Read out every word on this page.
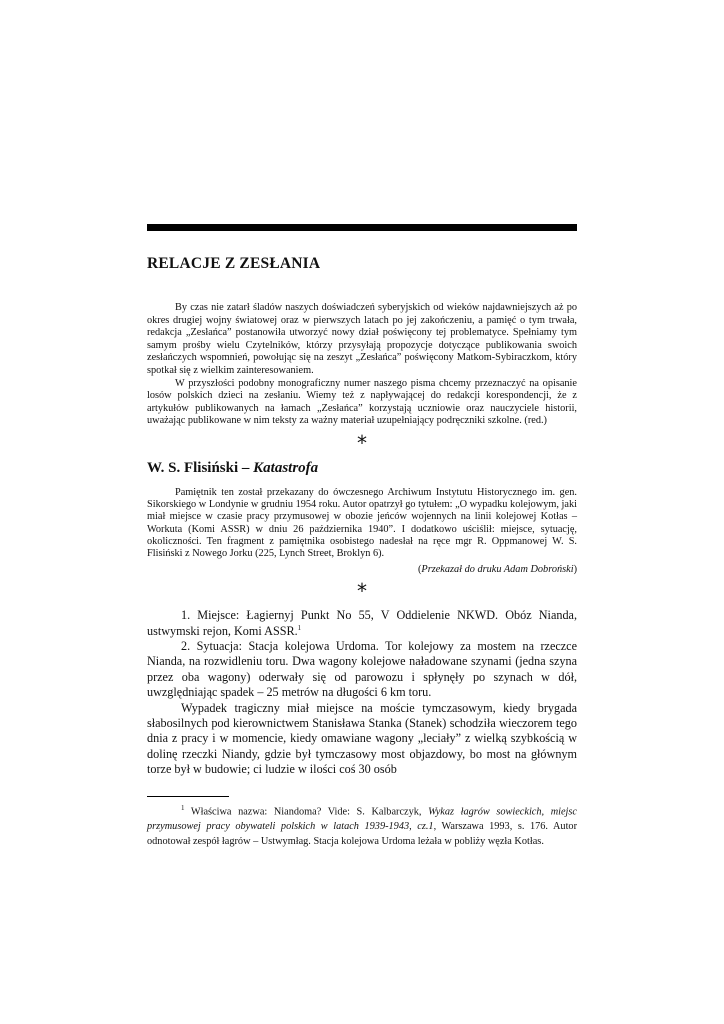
RELACJE Z ZESŁANIA

By czas nie zatarł śladów naszych doświadczeń syberyjskich od wieków najdawniejszych aż po okres drugiej wojny światowej oraz w pierwszych latach po jej zakończeniu, a pamięć o tym trwała, redakcja „Zesłańca” postanowiła utworzyć nowy dział poświęcony tej problematyce. Spełniamy tym samym prośby wielu Czytelników, którzy przysyłają propozycje dotyczące publikowania swoich zesłańczych wspomnień, powołując się na zeszyt „Zesłańca” poświęcony Matkom-Sybiraczkom, który spotkał się z wielkim zainteresowaniem.

W przyszłości podobny monograficzny numer naszego pisma chcemy przeznaczyć na opisanie losów polskich dzieci na zesłaniu. Wiemy też z napływającej do redakcji korespondencji, że z artykułów publikowanych na łamach „Zesłańca” korzystają uczniowie oraz nauczyciele historii, uważając publikowane w nim teksty za ważny materiał uzupełniający podręczniki szkolne. (red.)

*
W. S. Flisiński – Katastrofa

Pamiętnik ten został przekazany do ówczesnego Archiwum Instytutu Historycznego im. gen. Sikorskiego w Londynie w grudniu 1954 roku. Autor opatrzył go tytułem: „O wypadku kolejowym, jaki miał miejsce w czasie pracy przymusowej w obozie jeńców wojennych na linii kolejowej Kotłas – Workuta (Komi ASSR) w dniu 26 października 1940”. I dodatkowo uściślił: miejsce, sytuację, okoliczności. Ten fragment z pamiętnika osobistego nadesłał na ręce mgr R. Oppmanowej W. S. Flisiński z Nowego Jorku (225, Lynch Street, Broklyn 6).

(Przekazał do druku Adam Dobroński)
*

1. Miejsce: Łagiernyj Punkt No 55, V Oddielenie NKWD. Obóz Nianda, ustwymski rejon, Komi ASSR.$^1$

2. Sytuacja: Stacja kolejowa Urdoma. Tor kolejowy za mostem na rzeczce Nianda, na rozwidleniu toru. Dwa wagony kolejowe naładowane szynami (jedna szyna przez oba wagony) oderwały się od parowozu i spłynęły po szynach w dół, uwzględniając spadek – 25 metrów na długości 6 km toru.

Wypadek tragiczny miał miejsce na moście tymczasowym, kiedy brygada słabosilnych pod kierownictwem Stanisława Stanka (Stanek) schodziła wieczorem tego dnia z pracy i w momencie, kiedy omawiane wagony „leciały” z wielką szybkością w dolinę rzeczki Niandy, gdzie był tymczasowy most objazdowy, bo most na głównym torze był w budowie; ci ludzie w ilości coś 30 osób

$^1$ Właściwa nazwa: Niandoma? Vide: S. Kalbarczyk, Wykaz łagrów sowieckich, miejsc przymusowej pracy obywateli polskich w latach 1939-1943, cz.1, Warszawa 1993, s. 176. Autor odnotował zespół łagrów – Ustwymłag. Stacja kolejowa Urdoma leżała w pobliży węzła Kotłas.
